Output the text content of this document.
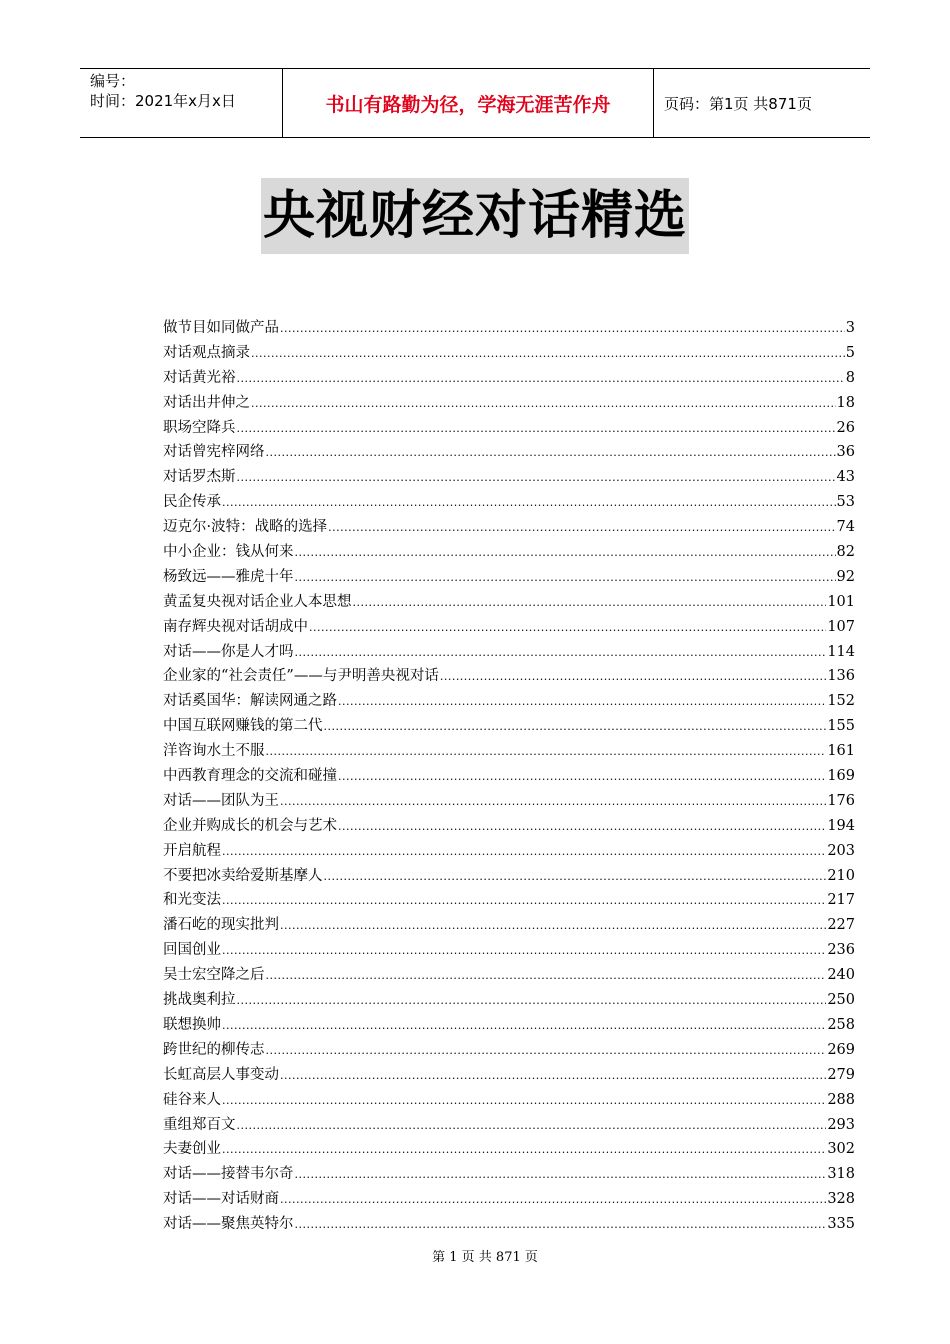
编号：
时间：2021年x月x日	书山有路勤为径，学海无涯苦作舟	页码：第1页 共871页
央视财经对话精选
做节目如同做产品 .....	3
对话观点摘录 .....	5
对话黄光裕 .....	8
对话出井伸之 .....	18
职场空降兵 .....	26
对话曾宪梓网络 .....	36
对话罗杰斯 .....	43
民企传承 .....	53
迈克尔·波特：战略的选择 .....	74
中小企业：钱从何来 .....	82
杨致远——雅虎十年 .....	92
黄孟复央视对话企业人本思想 .....	101
南存辉央视对话胡成中 .....	107
对话——你是人才吗 .....	114
企业家的“社会责任”——与尹明善央视对话 .....	136
对话奚国华：解读网通之路 .....	152
中国互联网赚钱的第二代 .....	155
洋咨询水土不服 .....	161
中西教育理念的交流和碰撞 .....	169
对话——团队为王 .....	176
企业并购成长的机会与艺术 .....	194
开启航程 .....	203
不要把冰卖给爱斯基摩人 .....	210
和光变法 .....	217
潘石屹的现实批判 .....	227
回国创业 .....	236
吴士宏空降之后 .....	240
挑战奥利拉 .....	250
联想换帅 .....	258
跨世纪的柳传志 .....	269
长虹高层人事变动 .....	279
硅谷来人 .....	288
重组郑百文 .....	293
夫妻创业 .....	302
对话——接替韦尔奇 .....	318
对话——对话财商 .....	328
对话——聚焦英特尔 .....	335
第 1 页 共 871 页
